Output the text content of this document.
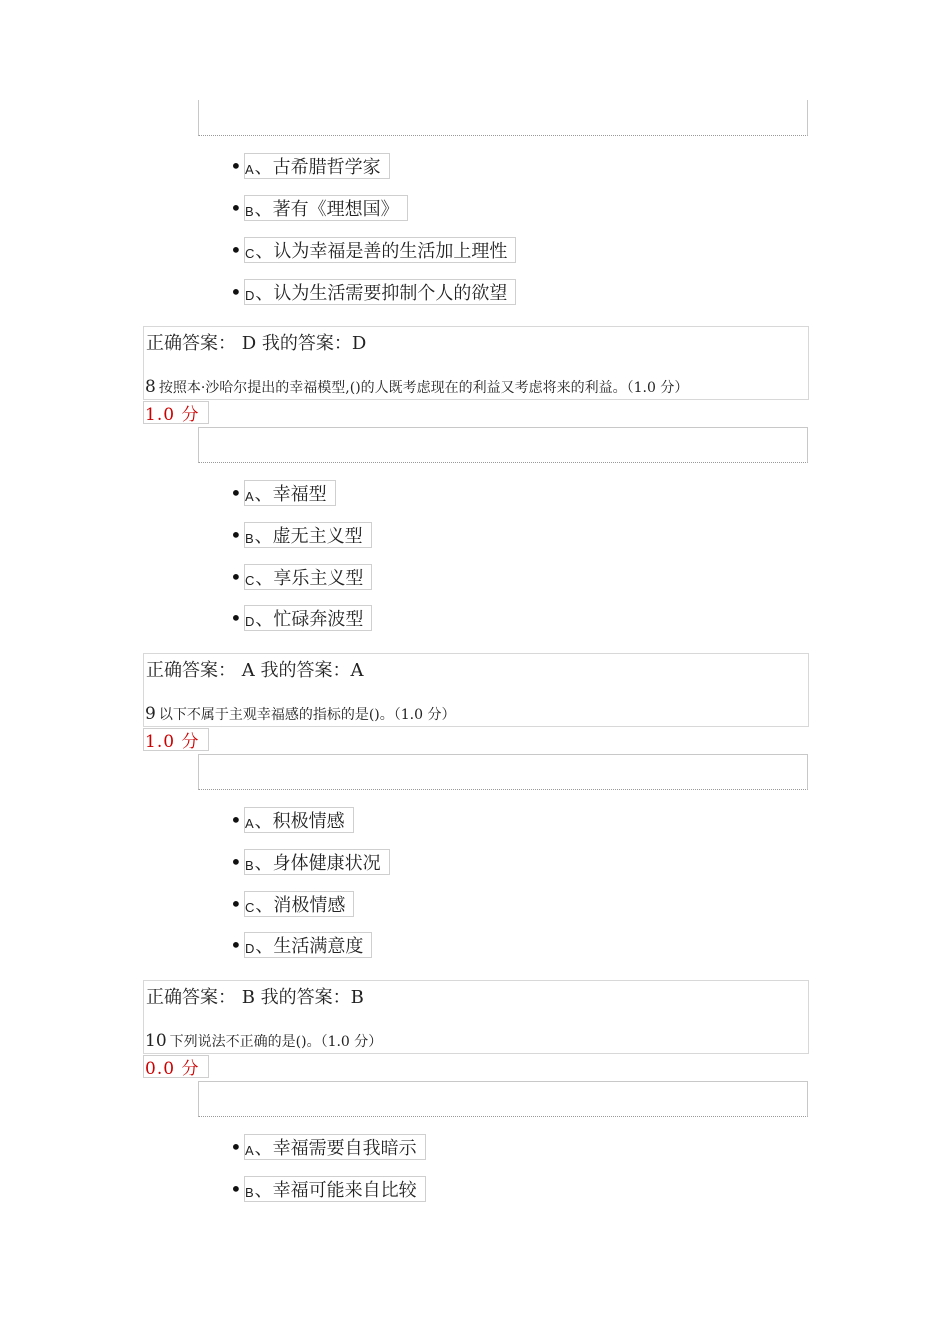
• A 、古希腊哲学家
• B 、著有《理想国》
• C 、认为幸福是善的生活加上理性
• D 、认为生活需要抑制个人的欲望
正确答案： D 我的答案：D
8 按照本·沙哈尔提出的幸福模型,()的人既考虑现在的利益又考虑将来的利益。（1.0 分）
1.0 分
• A 、幸福型
• B 、虚无主义型
• C 、享乐主义型
• D 、忙碌奔波型
正确答案： A 我的答案：A
9 以下不属于主观幸福感的指标的是()。（1.0 分）
1.0 分
• A 、积极情感
• B 、身体健康状况
• C 、消极情感
• D 、生活满意度
正确答案： B 我的答案：B
10 下列说法不正确的是()。（1.0 分）
0.0 分
• A 、幸福需要自我暗示
• B 、幸福可能来自比较
